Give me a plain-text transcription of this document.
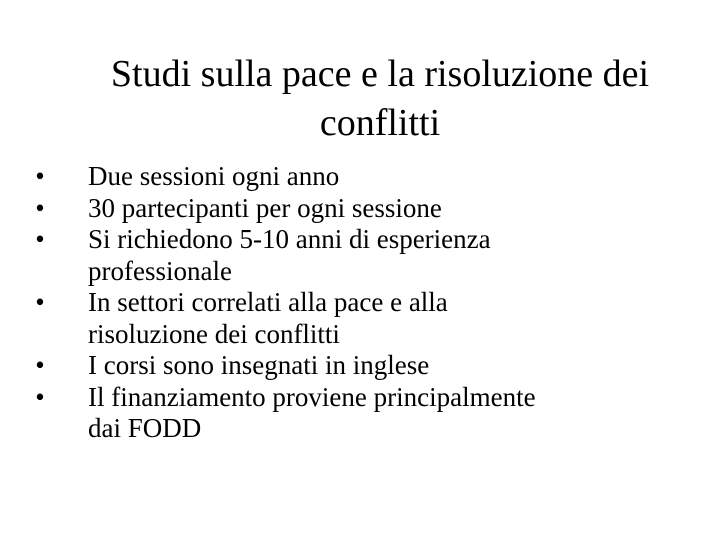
Studi sulla pace e la risoluzione dei
conflitti
• Due sessioni ogni anno
• 30 partecipanti per ogni sessione
• Si richiedono 5-10 anni di esperienza
professionale
• In settori correlati alla pace e alla
risoluzione dei conflitti
• I corsi sono insegnati in inglese
• Il finanziamento proviene principalmente
dai FODD
